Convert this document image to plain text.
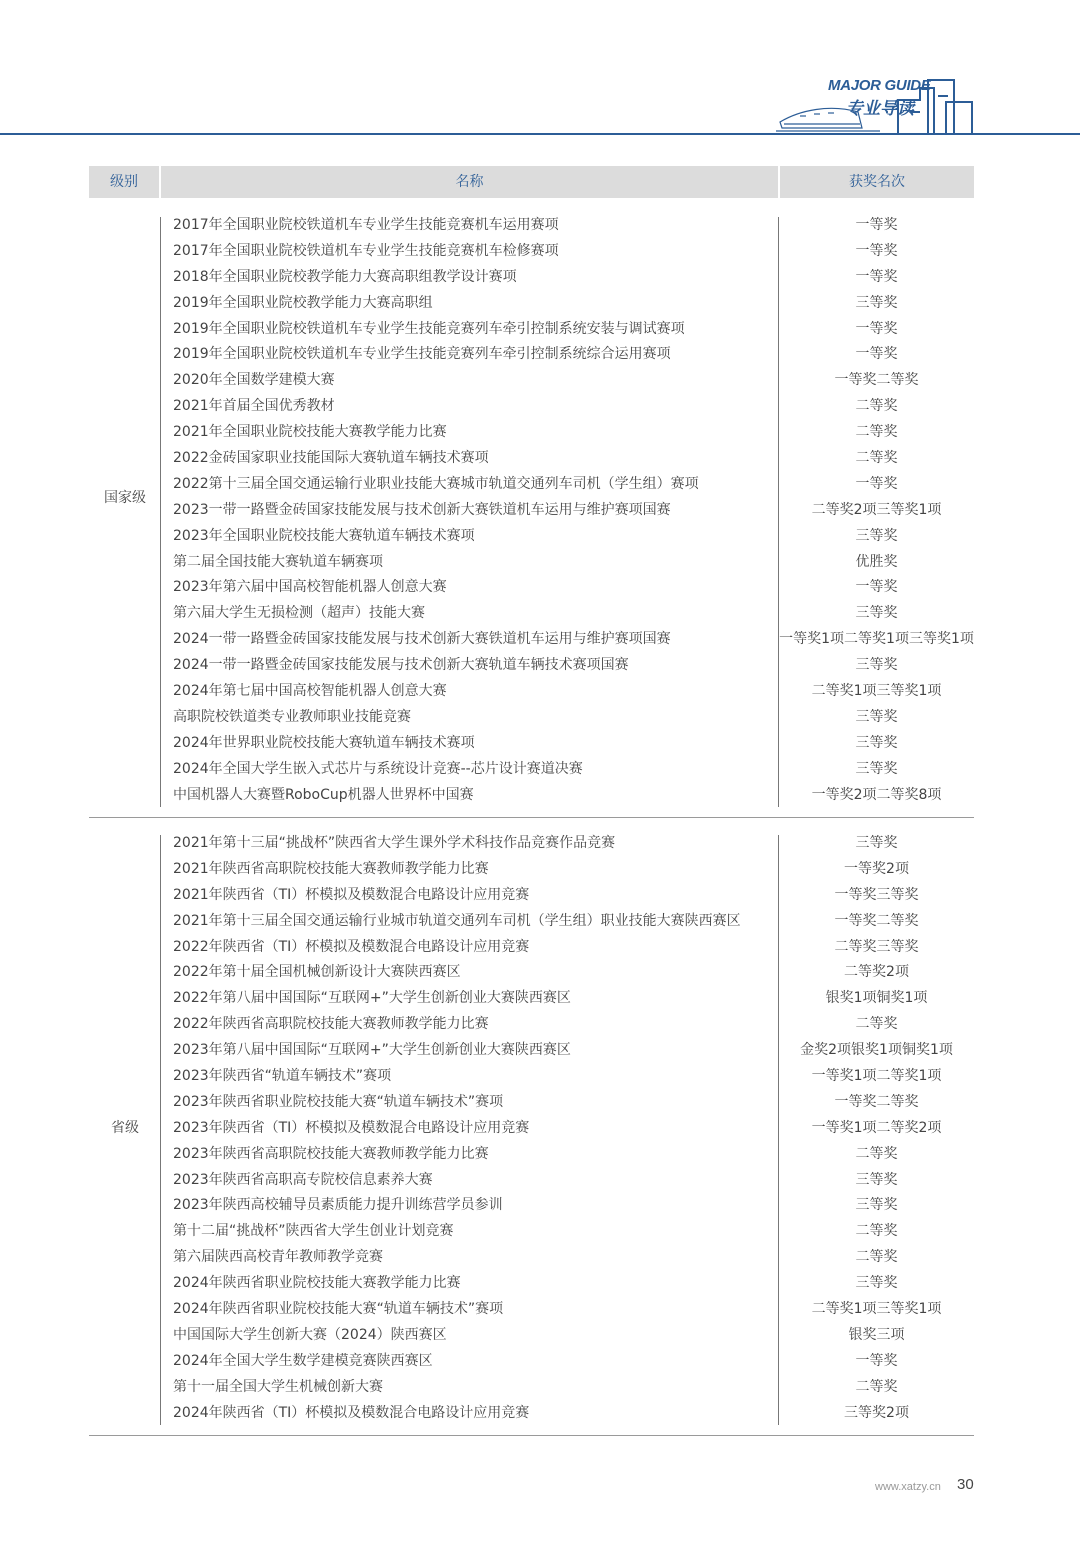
MAJOR GUIDE
专业导读
级别	名称	获奖名次
国家级
2017年全国职业院校铁道机车专业学生技能竞赛机车运用赛项	一等奖
2017年全国职业院校铁道机车专业学生技能竞赛机车检修赛项	一等奖
2018年全国职业院校教学能力大赛高职组教学设计赛项	一等奖
2019年全国职业院校教学能力大赛高职组	三等奖
2019年全国职业院校铁道机车专业学生技能竞赛列车牵引控制系统安装与调试赛项	一等奖
2019年全国职业院校铁道机车专业学生技能竞赛列车牵引控制系统综合运用赛项	一等奖
2020年全国数学建模大赛	一等奖二等奖
2021年首届全国优秀教材	二等奖
2021年全国职业院校技能大赛教学能力比赛	二等奖
2022金砖国家职业技能国际大赛轨道车辆技术赛项	二等奖
2022第十三届全国交通运输行业职业技能大赛城市轨道交通列车司机（学生组）赛项	一等奖
2023一带一路暨金砖国家技能发展与技术创新大赛铁道机车运用与维护赛项国赛	二等奖2项三等奖1项
2023年全国职业院校技能大赛轨道车辆技术赛项	三等奖
第二届全国技能大赛轨道车辆赛项	优胜奖
2023年第六届中国高校智能机器人创意大赛	一等奖
第六届大学生无损检测（超声）技能大赛	三等奖
2024一带一路暨金砖国家技能发展与技术创新大赛铁道机车运用与维护赛项国赛	一等奖1项二等奖1项三等奖1项
2024一带一路暨金砖国家技能发展与技术创新大赛轨道车辆技术赛项国赛	三等奖
2024年第七届中国高校智能机器人创意大赛	二等奖1项三等奖1项
高职院校铁道类专业教师职业技能竞赛	三等奖
2024年世界职业院校技能大赛轨道车辆技术赛项	三等奖
2024年全国大学生嵌入式芯片与系统设计竞赛--芯片设计赛道决赛	三等奖
中国机器人大赛暨RoboCup机器人世界杯中国赛	一等奖2项二等奖8项
省级
2021年第十三届“挑战杯”陕西省大学生课外学术科技作品竞赛作品竞赛	三等奖
2021年陕西省高职院校技能大赛教师教学能力比赛	一等奖2项
2021年陕西省（TI）杯模拟及模数混合电路设计应用竞赛	一等奖三等奖
2021年第十三届全国交通运输行业城市轨道交通列车司机（学生组）职业技能大赛陕西赛区	一等奖二等奖
2022年陕西省（TI）杯模拟及模数混合电路设计应用竞赛	二等奖三等奖
2022年第十届全国机械创新设计大赛陕西赛区	二等奖2项
2022年第八届中国国际“互联网+”大学生创新创业大赛陕西赛区	银奖1项铜奖1项
2022年陕西省高职院校技能大赛教师教学能力比赛	二等奖
2023年第八届中国国际“互联网+”大学生创新创业大赛陕西赛区	金奖2项银奖1项铜奖1项
2023年陕西省“轨道车辆技术”赛项	一等奖1项二等奖1项
2023年陕西省职业院校技能大赛“轨道车辆技术”赛项	一等奖二等奖
2023年陕西省（TI）杯模拟及模数混合电路设计应用竞赛	一等奖1项二等奖2项
2023年陕西省高职院校技能大赛教师教学能力比赛	二等奖
2023年陕西省高职高专院校信息素养大赛	三等奖
2023年陕西高校辅导员素质能力提升训练营学员参训	三等奖
第十二届“挑战杯”陕西省大学生创业计划竞赛	二等奖
第六届陕西高校青年教师教学竞赛	二等奖
2024年陕西省职业院校技能大赛教学能力比赛	三等奖
2024年陕西省职业院校技能大赛“轨道车辆技术”赛项	二等奖1项三等奖1项
中国国际大学生创新大赛（2024）陕西赛区	银奖三项
2024年全国大学生数学建模竞赛陕西赛区	一等奖
第十一届全国大学生机械创新大赛	二等奖
2024年陕西省（TI）杯模拟及模数混合电路设计应用竞赛	三等奖2项
www.xatzy.cn 30
